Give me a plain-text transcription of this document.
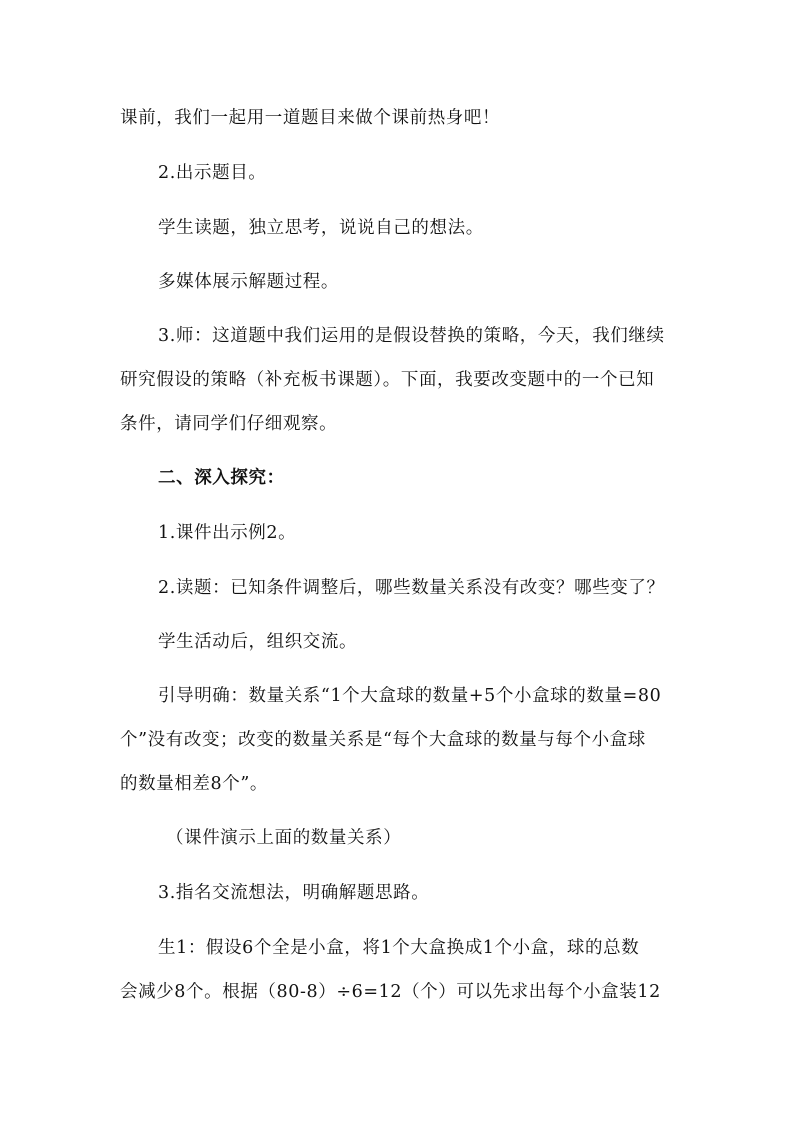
课前，我们一起用一道题目来做个课前热身吧！
2.出示题目。
学生读题，独立思考，说说自己的想法。
多媒体展示解题过程。
3.师：这道题中我们运用的是假设替换的策略，今天，我们继续
研究假设的策略（补充板书课题）。下面，我要改变题中的一个已知
条件，请同学们仔细观察。
二、深入探究：
1.课件出示例2。
2.读题：已知条件调整后，哪些数量关系没有改变？哪些变了？
学生活动后，组织交流。
引导明确：数量关系“1个大盒球的数量+5个小盒球的数量=80
个”没有改变；改变的数量关系是“每个大盒球的数量与每个小盒球
的数量相差8个”。
（课件演示上面的数量关系）
3.指名交流想法，明确解题思路。
生1：假设6个全是小盒，将1个大盒换成1个小盒，球的总数
会减少8个。根据（80-8）÷6=12（个）可以先求出每个小盒装12
